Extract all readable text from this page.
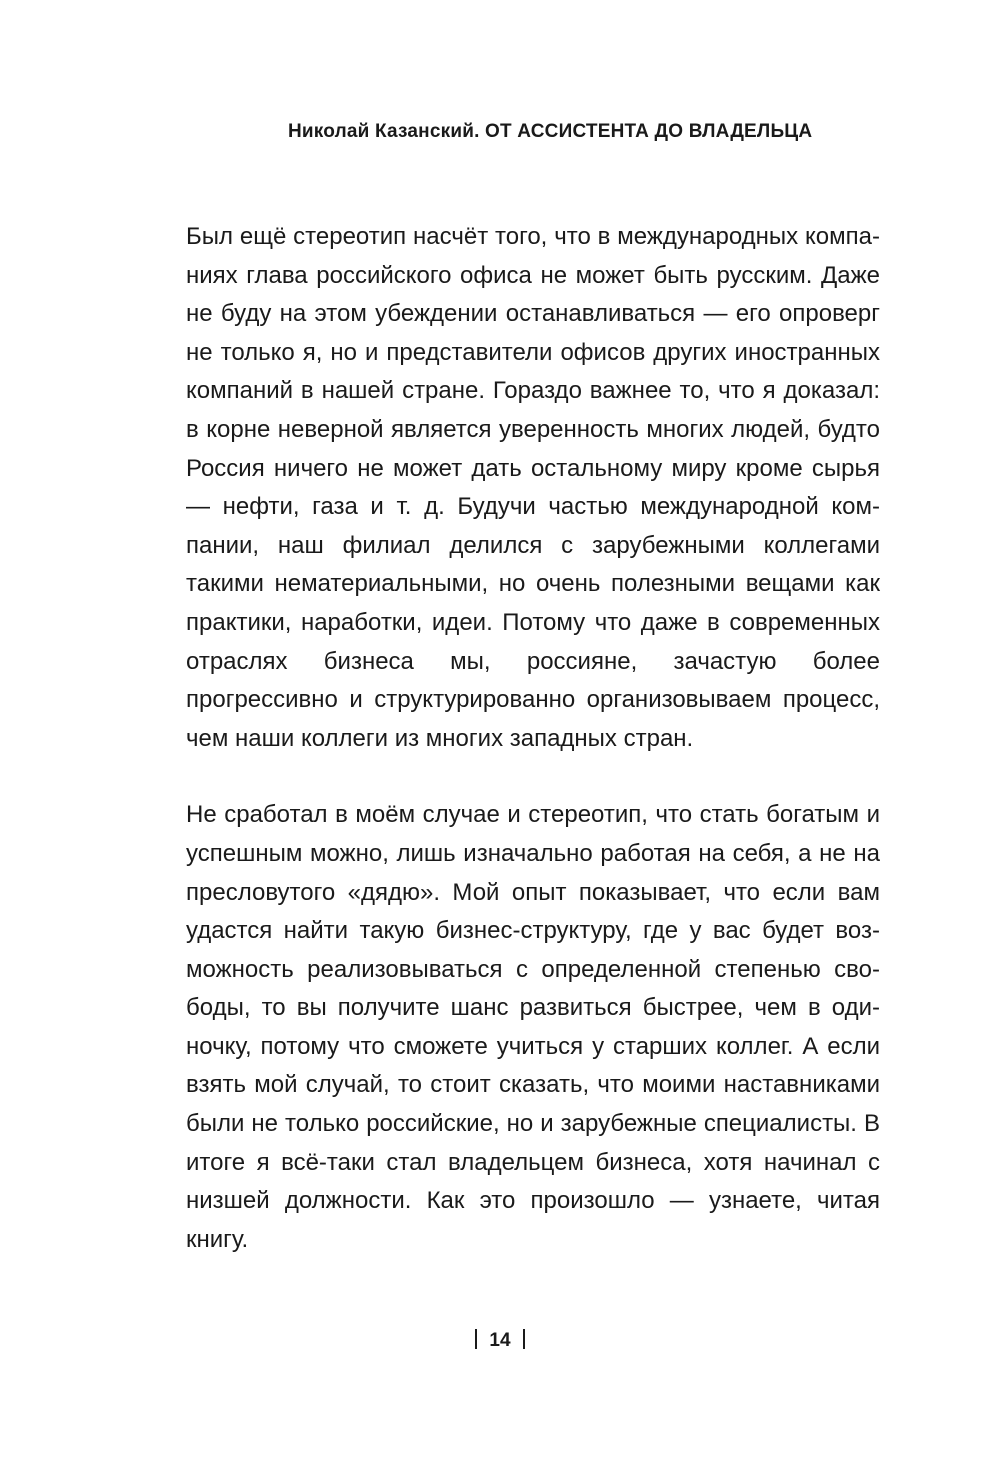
Николай Казанский. ОТ АССИСТЕНТА ДО ВЛАДЕЛЬЦА

Был ещё стереотип насчёт того, что в международных компаниях глава российского офиса не может быть русским. Даже не буду на этом убеждении останавливаться — его опроверг не только я, но и представители офисов других иностранных компаний в нашей стране. Гораздо важнее то, что я доказал: в корне неверной является уверенность многих людей, будто Россия ничего не может дать остальному миру кроме сырья — нефти, газа и т. д. Будучи частью международной компании, наш филиал делился с зарубежными коллегами такими нематериальными, но очень полезными вещами как практики, наработки, идеи. Потому что даже в современных отраслях бизнеса мы, россияне, зачастую более прогрессивно и структурированно организовываем процесс, чем наши коллеги из многих западных стран.

Не сработал в моём случае и стереотип, что стать богатым и успешным можно, лишь изначально работая на себя, а не на пресловутого «дядю». Мой опыт показывает, что если вам удастся найти такую бизнес-структуру, где у вас будет возможность реализовываться с определенной степенью свободы, то вы получите шанс развиться быстрее, чем в одиночку, потому что сможете учиться у старших коллег. А если взять мой случай, то стоит сказать, что моими наставниками были не только российские, но и зарубежные специалисты. В итоге я всё-таки стал владельцем бизнеса, хотя начинал с низшей должности. Как это произошло — узнаете, читая книгу.

14
